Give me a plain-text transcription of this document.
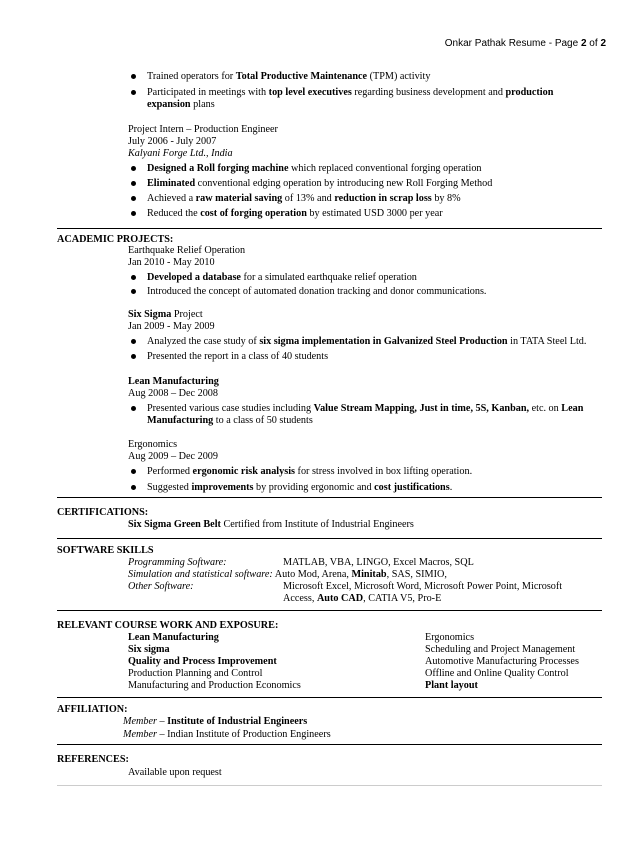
Onkar Pathak Resume - Page 2 of 2
Trained operators for Total Productive Maintenance (TPM) activity
Participated in meetings with top level executives regarding business development and production
expansion plans
Project Intern – Production Engineer
July 2006 - July 2007
Kalyani Forge Ltd., India
Designed a Roll forging machine which replaced conventional forging operation
Eliminated conventional edging operation by introducing new Roll Forging Method
Achieved a raw material saving of 13% and reduction in scrap loss by 8%
Reduced the cost of forging operation by estimated USD 3000 per year
ACADEMIC PROJECTS:
Earthquake Relief Operation
Jan 2010 - May 2010
Developed a database for a simulated earthquake relief operation
Introduced the concept of automated donation tracking and donor communications.
Six Sigma Project
Jan 2009 - May 2009
Analyzed the case study of six sigma implementation in Galvanized Steel Production in TATA Steel Ltd.
Presented the report in a class of 40 students
Lean Manufacturing
Aug 2008 – Dec 2008
Presented various case studies including Value Stream Mapping, Just in time, 5S, Kanban, etc. on Lean
Manufacturing to a class of 50 students
Ergonomics
Aug 2009 – Dec 2009
Performed ergonomic risk analysis for stress involved in box lifting operation.
Suggested improvements by providing ergonomic and cost justifications.
CERTIFICATIONS:
Six Sigma Green Belt Certified from Institute of Industrial Engineers
SOFTWARE SKILLS
Programming Software:	MATLAB, VBA, LINGO, Excel Macros, SQL
Simulation and statistical software: Auto Mod, Arena, Minitab, SAS, SIMIO,
Other Software:	Microsoft Excel, Microsoft Word, Microsoft Power Point, Microsoft
Access, Auto CAD, CATIA V5, Pro-E
RELEVANT COURSE WORK AND EXPOSURE:
Lean Manufacturing
Six sigma
Quality and Process Improvement
Production Planning and Control
Manufacturing and Production Economics
Ergonomics
Scheduling and Project Management
Automotive Manufacturing Processes
Offline and Online Quality Control
Plant layout
AFFILIATION:
Member – Institute of Industrial Engineers
Member – Indian Institute of Production Engineers
REFERENCES:
Available upon request
